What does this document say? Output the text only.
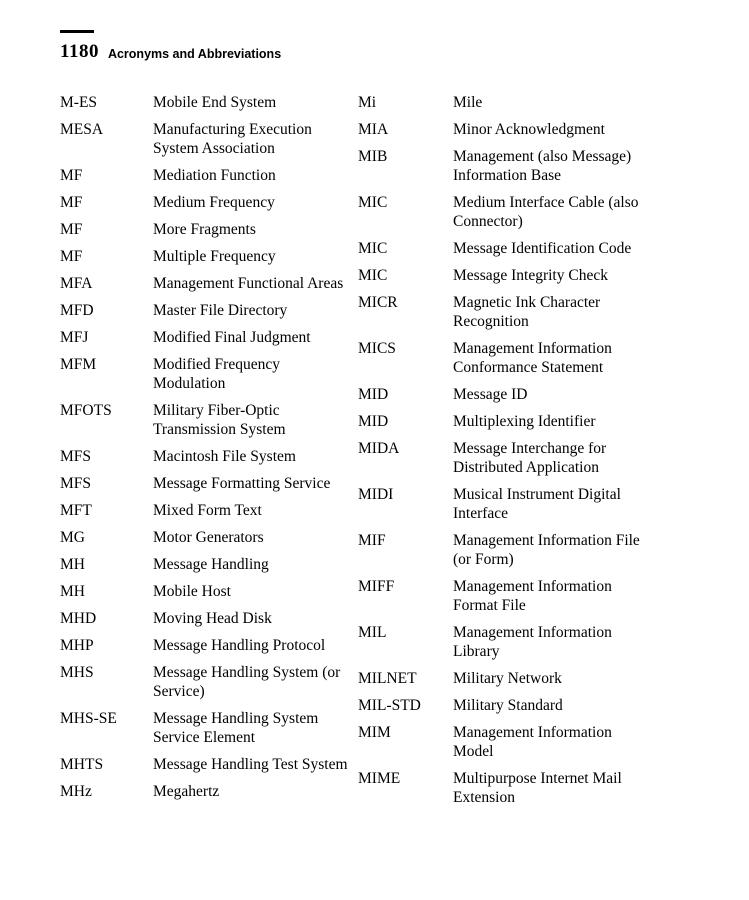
1180 Acronyms and Abbreviations
M-ES	Mobile End System
MESA	Manufacturing Execution System Association
MF	Mediation Function
MF	Medium Frequency
MF	More Fragments
MF	Multiple Frequency
MFA	Management Functional Areas
MFD	Master File Directory
MFJ	Modified Final Judgment
MFM	Modified Frequency Modulation
MFOTS	Military Fiber-Optic Transmission System
MFS	Macintosh File System
MFS	Message Formatting Service
MFT	Mixed Form Text
MG	Motor Generators
MH	Message Handling
MH	Mobile Host
MHD	Moving Head Disk
MHP	Message Handling Protocol
MHS	Message Handling System (or Service)
MHS-SE	Message Handling System Service Element
MHTS	Message Handling Test System
MHz	Megahertz
Mi	Mile
MIA	Minor Acknowledgment
MIB	Management (also Message) Information Base
MIC	Medium Interface Cable (also Connector)
MIC	Message Identification Code
MIC	Message Integrity Check
MICR	Magnetic Ink Character Recognition
MICS	Management Information Conformance Statement
MID	Message ID
MID	Multiplexing Identifier
MIDA	Message Interchange for Distributed Application
MIDI	Musical Instrument Digital Interface
MIF	Management Information File (or Form)
MIFF	Management Information Format File
MIL	Management Information Library
MILNET	Military Network
MIL-STD	Military Standard
MIM	Management Information Model
MIME	Multipurpose Internet Mail Extension
